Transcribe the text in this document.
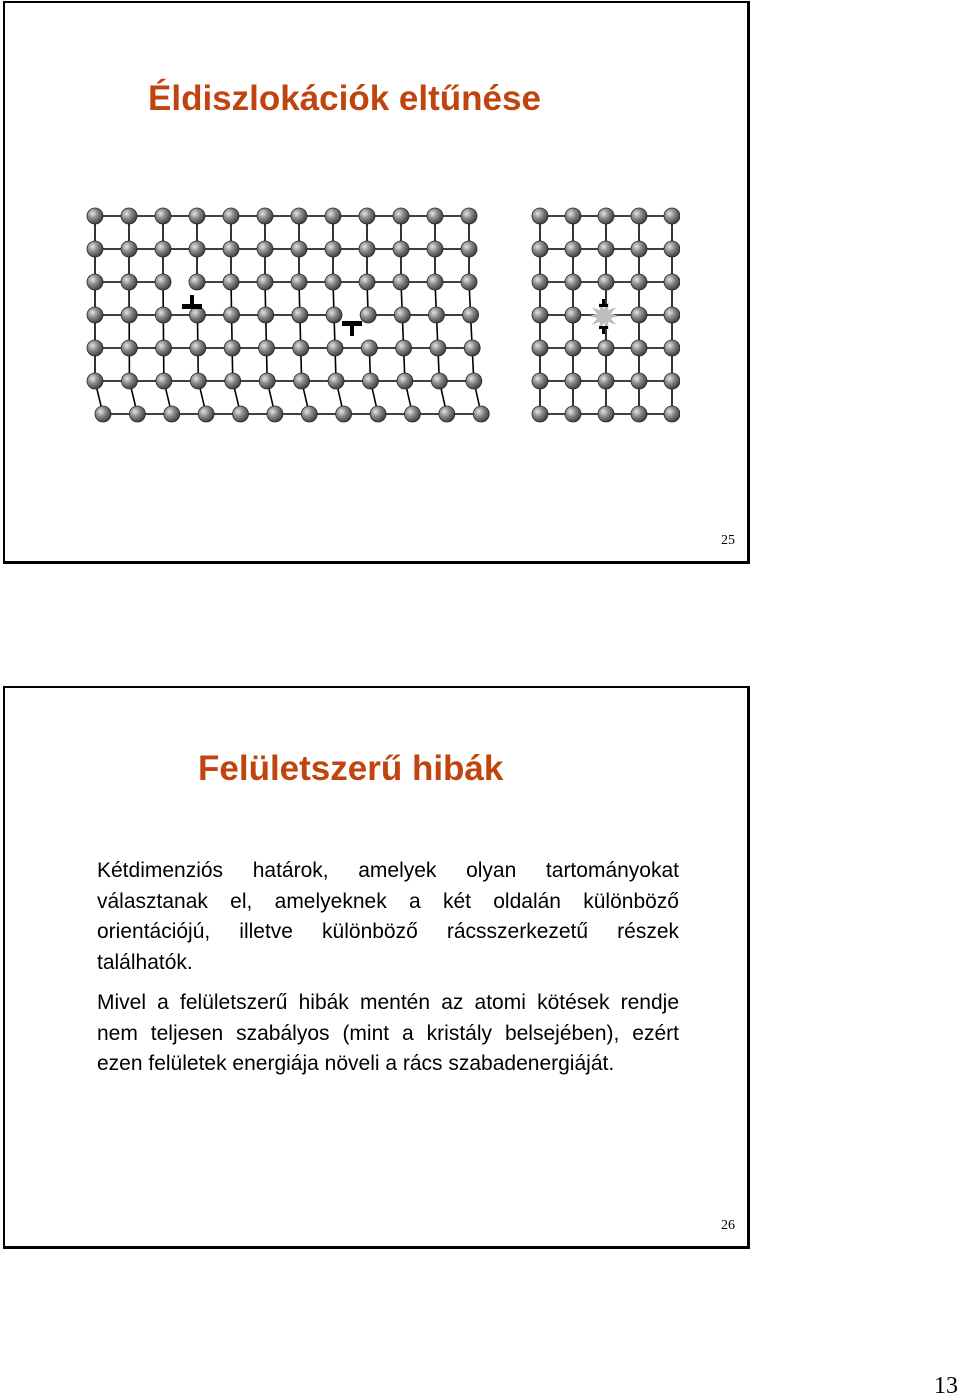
Éldiszlokációk eltűnése
25
Felületszerű hibák

Kétdimenziós határok, amelyek olyan tartományokat választanak el, amelyeknek a két oldalán különböző orientációjú, illetve különböző rácsszerkezetű részek találhatók.

Mivel a felületszerű hibák mentén az atomi kötések rendje nem teljesen szabályos (mint a kristály belsejében), ezért ezen felületek energiája növeli a rács szabadenergiáját.

26
13
